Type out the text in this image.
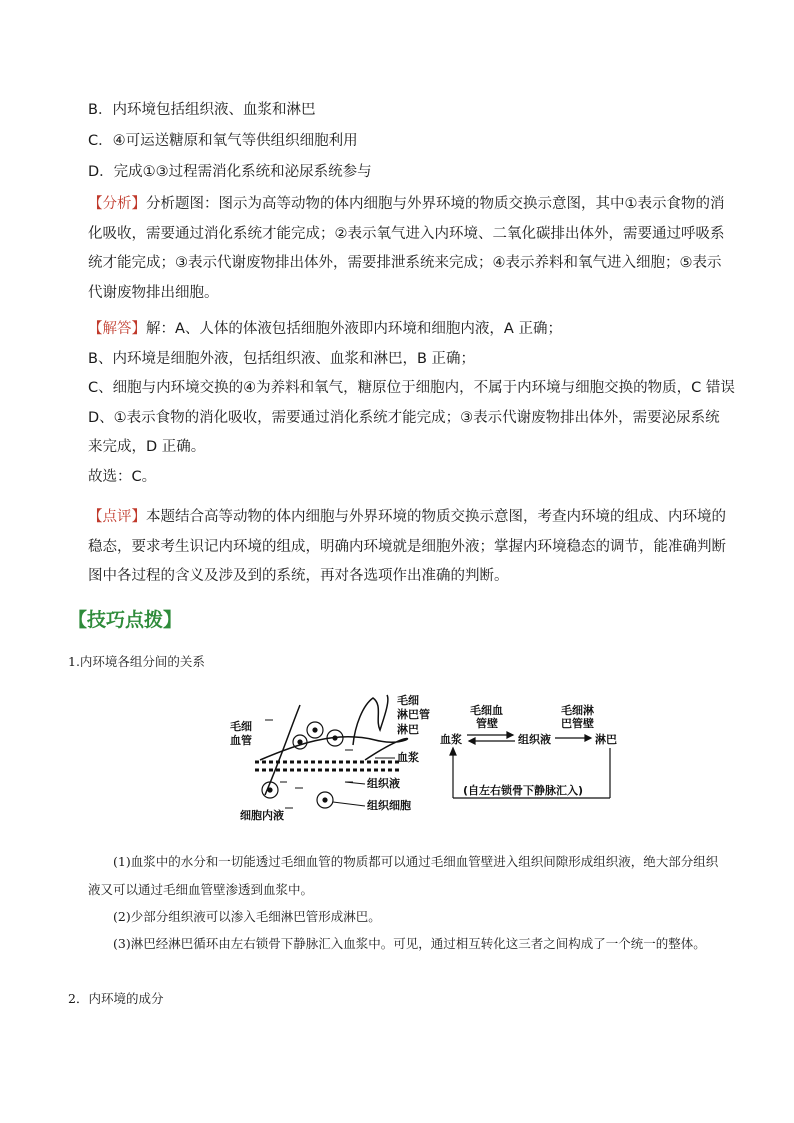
B．内环境包括组织液、血浆和淋巴
C．④可运送糖原和氧气等供组织细胞利用
D．完成①③过程需消化系统和泌尿系统参与

【分析】分析题图：图示为高等动物的体内细胞与外界环境的物质交换示意图，其中①表示食物的消化吸收，需要通过消化系统才能完成；②表示氧气进入内环境、二氧化碳排出体外，需要通过呼吸系统才能完成；③表示代谢废物排出体外，需要排泄系统来完成；④表示养料和氧气进入细胞；⑤表示代谢废物排出细胞。

【解答】解：A、人体的体液包括细胞外液即内环境和细胞内液，A 正确；

B、内环境是细胞外液，包括组织液、血浆和淋巴，B 正确；

C、细胞与内环境交换的④为养料和氧气，糖原位于细胞内，不属于内环境与细胞交换的物质，C 错误

D、①表示食物的消化吸收，需要通过消化系统才能完成；③表示代谢废物排出体外，需要泌尿系统来完成，D 正确。

故选：C。

【点评】本题结合高等动物的体内细胞与外界环境的物质交换示意图，考查内环境的组成、内环境的稳态，要求考生识记内环境的组成，明确内环境就是细胞外液；掌握内环境稳态的调节，能准确判断图中各过程的含义及涉及到的系统，再对各选项作出准确的判断。

【技巧点拨】
1.内环境各组分间的关系
毛细
血管
毛细
淋巴管
淋巴
血浆
组织液
组织细胞
细胞内液
血浆	组织液	淋巴
毛细血
管壁
毛细淋
巴管壁
(自左右锁骨下静脉汇入)
(1)血浆中的水分和一切能透过毛细血管的物质都可以通过毛细血管壁进入组织间隙形成组织液，绝大部分组织液又可以通过毛细血管壁渗透到血浆中。
(2)少部分组织液可以渗入毛细淋巴管形成淋巴。
(3)淋巴经淋巴循环由左右锁骨下静脉汇入血浆中。可见，通过相互转化这三者之间构成了一个统一的整体。
2．内环境的成分
